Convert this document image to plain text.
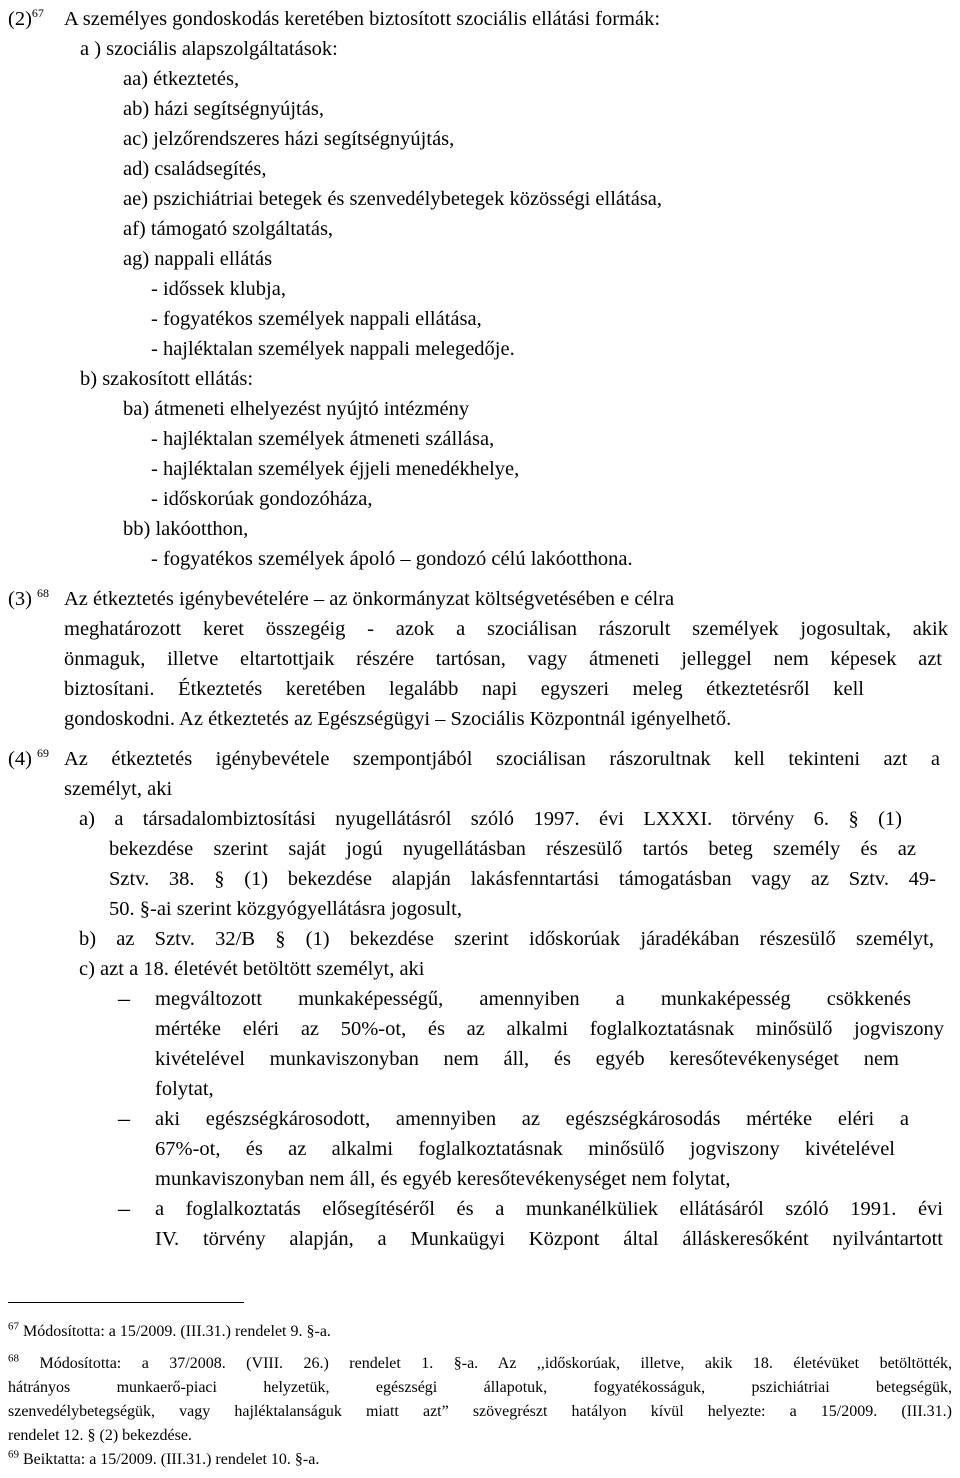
$(2)^{67}$ A személyes gondoskodás keretében biztosított szociális ellátási formák:
a ) szociális alapszolgáltatások:
aa) étkeztetés,
ab) házi segítségnyújtás,
ac) jelzőrendszeres házi segítségnyújtás,
ad) családsegítés,
ae) pszichiátriai betegek és szenvedélybetegek közösségi ellátása,
af) támogató szolgáltatás,
ag) nappali ellátás
- időssek klubja,
- fogyatékos személyek nappali ellátása,
- hajléktalan személyek nappali melegedője.
b) szakosított ellátás:
ba) átmeneti elhelyezést nyújtó intézmény
- hajléktalan személyek átmeneti szállása,
- hajléktalan személyek éjjeli menedékhelye,
- időskorúak gondozóháza,
bb) lakóotthon,
- fogyatékos személyek ápoló – gondozó célú lakóotthona.
(3) $^{68}$ Az étkeztetés igénybevételére – az önkormányzat költségvetésében e célra
meghatározott keret összegéig - azok a szociálisan rászorult személyek jogosultak, akik
önmaguk, illetve eltartottjaik részére tartósan, vagy átmeneti jelleggel nem képesek azt
biztosítani. Étkeztetés keretében legalább napi egyszeri meleg étkeztetésről kell
gondoskodni. Az étkeztetés az Egészségügyi – Szociális Központnál igényelhető.
(4) $^{69}$ Az étkeztetés igénybevétele szempontjából szociálisan rászorultnak kell tekinteni azt a
személyt, aki
a) a társadalombiztosítási nyugellátásról szóló 1997. évi LXXXI. törvény 6. § (1)
bekezdése szerint saját jogú nyugellátásban részesülő tartós beteg személy és az
Sztv. 38. § (1) bekezdése alapján lakásfenntartási támogatásban vagy az Sztv. 49-
50. §-ai szerint közgyógyellátásra jogosult,
b) az Sztv. 32/B § (1) bekezdése szerint időskorúak járadékában részesülő személyt,
c) azt a 18. életévét betöltött személyt, aki
– megváltozott munkaképességű, amennyiben a munkaképesség csökkenés
mértéke eléri az 50%-ot, és az alkalmi foglalkoztatásnak minősülő jogviszony
kivételével munkaviszonyban nem áll, és egyéb keresőtevékenységet nem
folytat,
– aki egészségkárosodott, amennyiben az egészségkárosodás mértéke eléri a
67%-ot, és az alkalmi foglalkoztatásnak minősülő jogviszony kivételével
munkaviszonyban nem áll, és egyéb keresőtevékenységet nem folytat,
– a foglalkoztatás elősegítéséről és a munkanélküliek ellátásáról szóló 1991. évi
IV. törvény alapján, a Munkaügyi Központ által álláskeresőként nyilvántartott
$^{67}$ Módosította: a 15/2009. (III.31.) rendelet 9. §-a.
$^{68}$ Módosította: a 37/2008. (VIII. 26.) rendelet 1. §-a. Az ,,időskorúak, illetve, akik 18. életévüket betöltötték,
hátrányos munkaerő-piaci helyzetük, egészségi állapotuk, fogyatékosságuk, pszichiátriai betegségük,
szenvedélybetegségük, vagy hajléktalanságuk miatt azt” szövegrészt hatályon kívül helyezte: a 15/2009. (III.31.)
rendelet 12. § (2) bekezdése.
$^{69}$ Beiktatta: a 15/2009. (III.31.) rendelet 10. §-a.
